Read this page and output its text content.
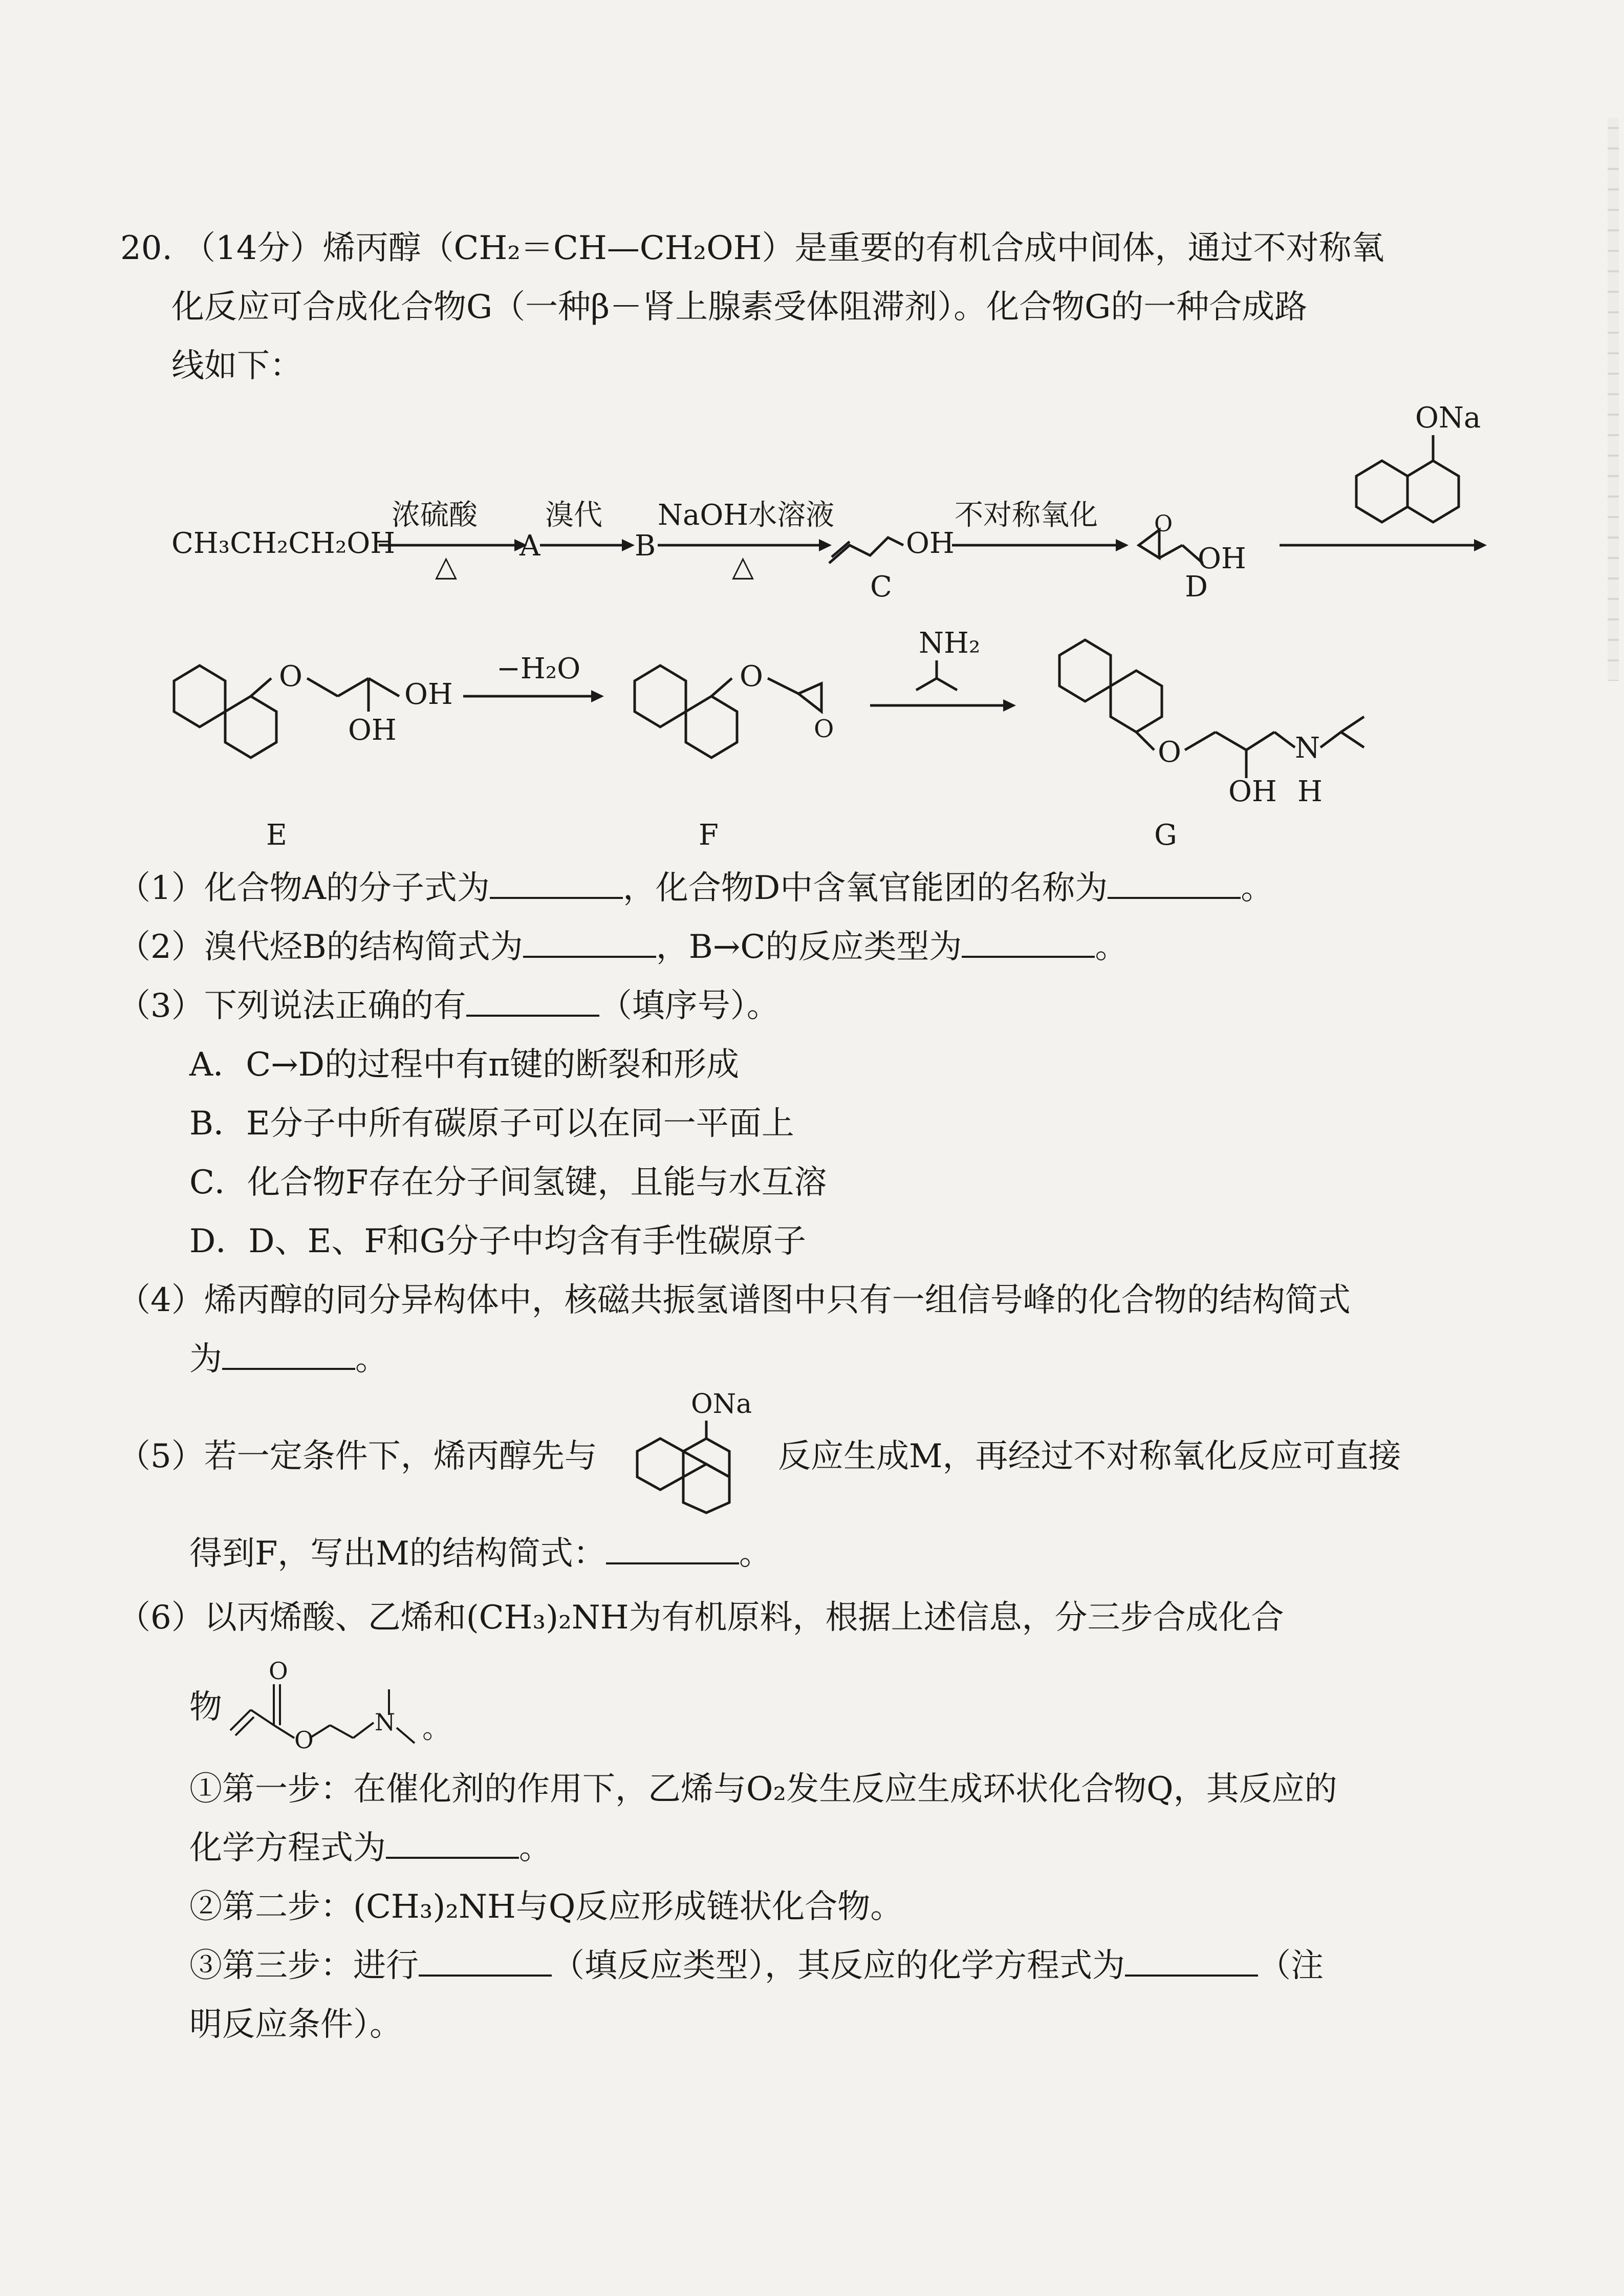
20. （14分）烯丙醇（CH₂＝CH—CH₂OH）是重要的有机合成中间体，通过不对称氧
化反应可合成化合物G（一种β－肾上腺素受体阻滞剂）。化合物G的一种合成路
线如下：
CH₃CH₂CH₂OH
浓硫酸
△
A
溴代
B
NaOH水溶液
△
OH
C
不对称氧化	O
OH
D
ONa
O
OH
OH
E
−H₂O	O
O
F
NH₂
O	N
OH H
G
（1）化合物A的分子式为	，化合物D中含氧官能团的名称为	。
（2）溴代烃B的结构简式为	，B→C的反应类型为	。
（3）下列说法正确的有	（填序号）。
A．C→D的过程中有π键的断裂和形成
B．E分子中所有碳原子可以在同一平面上
C．化合物F存在分子间氢键，且能与水互溶
D．D、E、F和G分子中均含有手性碳原子
（4）烯丙醇的同分异构体中，核磁共振氢谱图中只有一组信号峰的化合物的结构简式
为	。
（5）若一定条件下，烯丙醇先与
ONa
反应生成M，再经过不对称氧化反应可直接
得到F，写出M的结构简式：	。
（6）以丙烯酸、乙烯和(CH₃)₂NH为有机原料，根据上述信息，分三步合成化合
物
O
O
N 。
①第一步：在催化剂的作用下，乙烯与O₂发生反应生成环状化合物Q，其反应的
化学方程式为	。
②第二步：(CH₃)₂NH与Q反应形成链状化合物。
③第三步：进行	（填反应类型），其反应的化学方程式为	（注
明反应条件）。
